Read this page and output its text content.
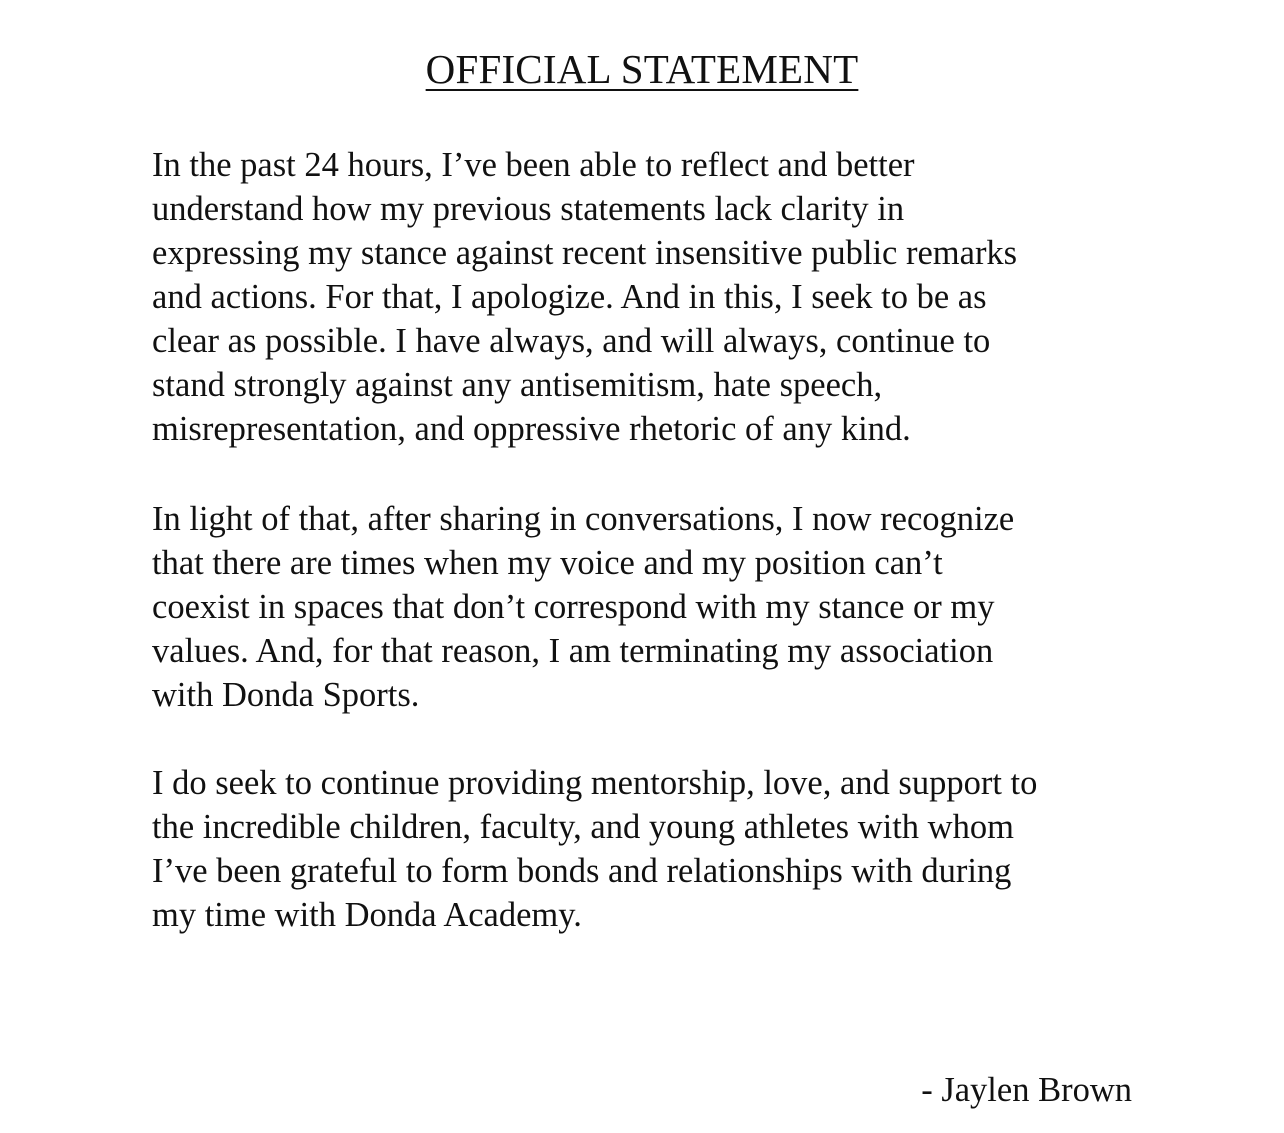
OFFICIAL STATEMENT
In the past 24 hours, I’ve been able to reflect and better
understand how my previous statements lack clarity in
expressing my stance against recent insensitive public remarks
and actions. For that, I apologize. And in this, I seek to be as
clear as possible. I have always, and will always, continue to
stand strongly against any antisemitism, hate speech,
misrepresentation, and oppressive rhetoric of any kind.
In light of that, after sharing in conversations, I now recognize
that there are times when my voice and my position can’t
coexist in spaces that don’t correspond with my stance or my
values. And, for that reason, I am terminating my association
with Donda Sports.
I do seek to continue providing mentorship, love, and support to
the incredible children, faculty, and young athletes with whom
I’ve been grateful to form bonds and relationships with during
my time with Donda Academy.
- Jaylen Brown
